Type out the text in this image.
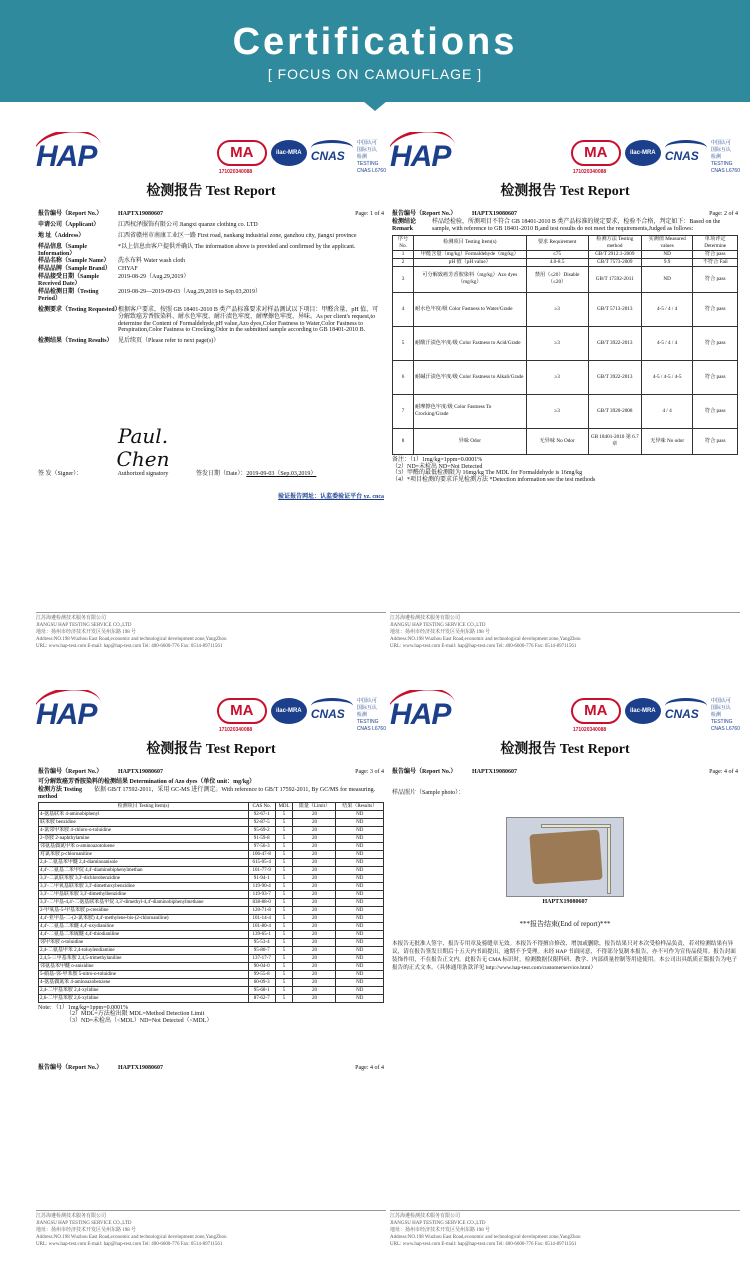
Certifications
[ FOCUS ON CAMOUFLAGE ]
HAP	MA
171020340088
ilac-MRA CNAS
中国认可
国际互认
检测
TESTING
CNAS L6760
检测报告 Test Report
报告编号（Report No.）	HAPTX19080607	Page: 1 of 4
申请公司（Applicant）	江西权泽服饰有限公司 Jiangxi quanze clothing co. LTD
地 址（Address）	江西省赣州市南康工业区一路 First road, nankang industrial zone, ganzhou city, jiangxi province
样品信息（Sample Information）
*以上信息由客户提供并确认 The information above is provided and confirmed by the applicant.
样品名称（Sample Name）	洗水布料 Water wash cloth
样品品牌（Sample Brand）	CHYAF
样品接受日期（Sample Received Date）
2019-08-29（Aug.29,2019）
样品检测日期（Testing Period）
2019-08-29—2019-09-03（Aug.29,2019 to Sep.03,2019）
检测要求（Testing Requested）
根据客户要求，按照 GB 18401-2010 B 类产品标准要求对样品测试以下项目：甲醛含量、pH 值、可分解致癌芳香胺染料、耐水色牢度、耐汗渍色牢度、耐摩擦色牢度、异味。As per client's request,to determine the Content of Formaldehyde,pH value,Azo dyes,Color Fastness to Water,Color Fastness to Perspiration,Color Fastness to Crocking,Odor in the submitted sample according to GB 18401-2010 B.
检测结果（Testing Results） 见后续页（Please refer to next page(s)）
签 发（Signer）：
Paul. Chen
Authorized signatory	签发日期（Date）： 2019-09-03（Sep.03,2019）
验证报告网址：认监委验证平台 yz. cnca
江苏海遴检测技术服务有限公司
JIANGSU HAP TESTING SERVICE CO.,LTD
地址：扬州市经济技术开发区吴州东路 198 号
Address:NO.198 Wuzhou East Road,economic and technological development zone,YangZhou
URL: www.hap-test.com E-mail: hap@hap-test.com Tel: 400-6600-776 Fax: 0514-89711561
HAP	MA
171020340088
ilac-MRA CNAS
中国认可
国际互认
检测
TESTING
CNAS L6760
检测报告 Test Report
报告编号（Report No.）	HAPTX19080607	Page: 2 of 4
检测结论 Remark
样品经检验，所测项目不符合 GB 18401-2010 B 类产品标准的规定要求，检验不合格，判定如下：Based on the sample, with reference to GB 18401-2010 B,and test results do not meet the requirements,Judged as follows:
序号 No.	检测项目 Testing Item(s)	要求 Requirement	检测方法 Testing method	实测值 Measured values	单项评定 Determine
1	甲醛含量（mg/kg）Formaldehyde（mg/kg）	≤75	GB/T 2912.1-2009	ND	符合 pass
2	pH 值（pH value）	4.0-8.5	GB/T 7573-2009	9.9	不符合 Fail
3	可分解致癌芳香胺染料（mg/kg）Azo dyes（mg/kg）	禁用（≤20）Disable（≤20）	GB/T 17592-2011	ND	符合 pass
4	耐水色牢度/级 Color Fastness to Water/Grade	≥3	GB/T 5713-2013	4-5 / 4 / 4	符合 pass
5	耐酸汗渍色牢度/级 Color Fastness to Acid/Grade	≥3	GB/T 3922-2013	4-5 / 4 / 4	符合 pass
6	耐碱汗渍色牢度/级 Color Fastness to Alkali/Grade	≥3	GB/T 3922-2013	4-5 / 4-5 / 4-5	符合 pass
7	耐摩擦色牢度/级 Color Fastness To Crocking/Grade	≥3	GB/T 3920-2008	4 / 4	符合 pass
8	异味 Odor	无异味 No Odor	GB 18401-2010 第 6.7 章	无异味 No odor	符合 pass
备注：（1）1mg/kg=1ppm=0.0001%
（2）ND=未检出 ND=Not Detected
（3）甲醛的最低检测限为 16mg/kg The MDL for Formaldehyde is 16mg/kg
（4）*项目检测的要求详见检测方法 *Detection information see the test methods
江苏海遴检测技术服务有限公司
JIANGSU HAP TESTING SERVICE CO.,LTD
地址：扬州市经济技术开发区吴州东路 198 号
Address:NO.198 Wuzhou East Road,economic and technological development zone,YangZhou
URL: www.hap-test.com E-mail: hap@hap-test.com Tel: 400-6600-776 Fax: 0514-89711561
HAP	MA
171020340088
ilac-MRA CNAS
中国认可
国际互认
检测
TESTING
CNAS L6760
检测报告 Test Report
报告编号（Report No.）	HAPTX19080607	Page: 3 of 4
可分解致癌芳香胺染料的检测结果 Determination of Azo dyes（单位 unit：mg/kg）
检测方法 Testing method
依据 GB/T 17592-2011，采用 GC-MS 进行测定。With reference to GB/T 17592-2011, By GC/MS for measuring.
检测项目 Testing Item(s)	CAS No.	MDL	限量（Limit）	结果（Results）
4-氨基联苯 4-aminobiphenyl	92-67-1	5	20	ND
联苯胺 benzidine	92-87-5	5	20	ND
4-氯邻甲苯胺 4-chloro-o-toluidine	95-69-2	5	20	ND
2-萘胺 2-naphthylamine	91-59-8	5	20	ND
邻氨基偶氮甲苯 o-aminoazotoluene	97-56-3	5	20	ND
对氯苯胺 p-chloroaniline	106-47-8	5	20	ND
2,4-二氨基苯甲醚 2,4-diaminoanisole	615-05-4	5	20	ND
4,4'-二氨基二苯甲烷 4,4'-diaminobiphenylmethan	101-77-9	5	20	ND
3,3'-二氯联苯胺 3,3'-dichlorobenzidine	91-94-1	5	20	ND
3,3'-二甲氧基联苯胺 3,3'-dimethoxybenzidine	119-90-4	5	20	ND
3,3'-二甲基联苯胺 3,3'-dimethylbenzidine	119-93-7	5	20	ND
3,3'-二甲基-4,4'-二氨基联苯基甲烷 3,3'-dimethyl-4,4'-diaminobiphenylmethane	838-88-0	5	20	ND
2-甲氧基-5-甲基苯胺 p-cresidine	120-71-8	5	20	ND
4,4'-亚甲基-二-(2-氯苯胺) 4,4'-methylene-bis-(2-chloroaniline)	101-14-4	5	20	ND
4,4'-二氨基二苯醚 4,4'-oxydianiline	101-80-4	5	20	ND
4,4'-二氨基二苯硫醚 4,4'-thiodianiline	139-65-1	5	20	ND
邻甲苯胺 o-toluidine	95-53-4	5	20	ND
2,4-二氨基甲苯 2,4-toluylendiamine	95-80-7	5	20	ND
2,4,5-三甲基苯胺 2,4,5-trimethylaniline	137-17-7	5	20	ND
邻氨基苯甲醚 o-anisidine	90-04-0	5	20	ND
5-硝基-邻-甲苯胺 5-nitro-o-toluidine	99-55-8	5	20	ND
4-氨基偶氮苯 4-aminoazobenzene	60-09-3	5	20	ND
2,4-二甲基苯胺 2,4-xylidine	95-68-1	5	20	ND
2,6-二甲基苯胺 2,6-xylidine	87-62-7	5	20	ND
Note: （1）1mg/kg=1ppm=0.0001%
（2）MDL=方法检出限 MDL=Method Detection Limit
（3）ND=未检出（<MDL）ND=Not Detected（<MDL）
报告编号（Report No.）	HAPTX19080607	Page: 4 of 4
江苏海遴检测技术服务有限公司
JIANGSU HAP TESTING SERVICE CO.,LTD
地址：扬州市经济技术开发区吴州东路 198 号
Address:NO.198 Wuzhou East Road,economic and technological development zone,YangZhou
URL: www.hap-test.com E-mail: hap@hap-test.com Tel: 400-6600-776 Fax: 0514-89711561
HAP	MA
171020340088
ilac-MRA CNAS
中国认可
国际互认
检测
TESTING
CNAS L6760
检测报告 Test Report
报告编号（Report No.）	HAPTX19080607	Page: 4 of 4
样品照片（Sample photo）：
HAPTX19080607
***报告结束(End of report)***
本报告无批准人签字、报告专用章及骑缝章无效。本报告不得擅自修改、增加或删除，报告结果只对本次受检样品负责，若对检测结果有异议，请在报告签发日期后十五天内书面提出，逾期不予受理。未经 HAP 书面同意，不得部分复制本报告，亦不可作为宣传品使用。报告封面装饰作用，不在报告正文内。此报告无 CMA 标识时，检测数据仅限科研、教学、内部质量控制等用途使用。本公司出具纸质正版报告为电子报告的正式文本。（具体通用条款详见 http://www.hap-test.com/customerservice.html）
江苏海遴检测技术服务有限公司
JIANGSU HAP TESTING SERVICE CO.,LTD
地址：扬州市经济技术开发区吴州东路 198 号
Address:NO.198 Wuzhou East Road,economic and technological development zone,YangZhou
URL: www.hap-test.com E-mail: hap@hap-test.com Tel: 400-6600-776 Fax: 0514-89711561
